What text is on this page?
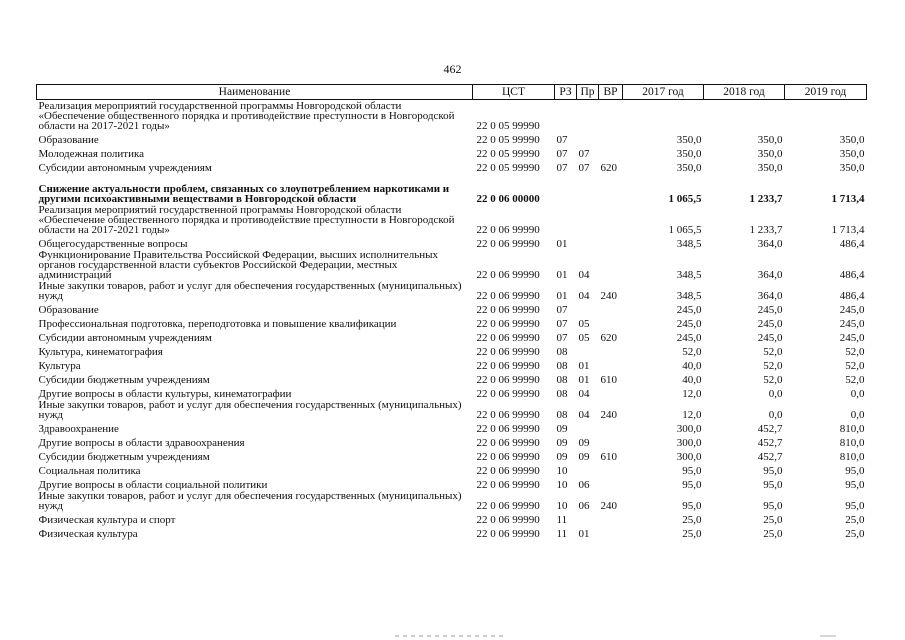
462
Наименование	ЦСТ	РЗ	Пр	ВР	2017 год	2018 год	2019 год
Реализация мероприятий государственной программы Новгородской области «Обеспечение общественного порядка и противодействие преступности в Новгородской области на 2017-2021 годы»	22 0 05 99990						
Образование	22 0 05 99990	07			350,0	350,0	350,0
Молодежная политика	22 0 05 99990	07	07		350,0	350,0	350,0
Субсидии автономным учреждениям	22 0 05 99990	07	07	620	350,0	350,0	350,0
Снижение актуальности проблем, связанных со злоупотреблением наркотиками и другими психоактивными веществами в Новгородской области	22 0 06 00000				1 065,5	1 233,7	1 713,4
Реализация мероприятий государственной программы Новгородской области «Обеспечение общественного порядка и противодействие преступности в Новгородской области на 2017-2021 годы»	22 0 06 99990				1 065,5	1 233,7	1 713,4
Общегосударственные вопросы	22 0 06 99990	01			348,5	364,0	486,4
Функционирование Правительства Российской Федерации, высших исполнительных органов государственной власти субъектов Российской Федерации, местных администраций	22 0 06 99990	01	04		348,5	364,0	486,4
Иные закупки товаров, работ и услуг для обеспечения государственных (муниципальных) нужд	22 0 06 99990	01	04	240	348,5	364,0	486,4
Образование	22 0 06 99990	07			245,0	245,0	245,0
Профессиональная подготовка, переподготовка и повышение квалификации	22 0 06 99990	07	05		245,0	245,0	245,0
Субсидии автономным учреждениям	22 0 06 99990	07	05	620	245,0	245,0	245,0
Культура, кинематография	22 0 06 99990	08			52,0	52,0	52,0
Культура	22 0 06 99990	08	01		40,0	52,0	52,0
Субсидии бюджетным учреждениям	22 0 06 99990	08	01	610	40,0	52,0	52,0
Другие вопросы в области культуры, кинематографии	22 0 06 99990	08	04		12,0	0,0	0,0
Иные закупки товаров, работ и услуг для обеспечения государственных (муниципальных) нужд	22 0 06 99990	08	04	240	12,0	0,0	0,0
Здравоохранение	22 0 06 99990	09			300,0	452,7	810,0
Другие вопросы в области здравоохранения	22 0 06 99990	09	09		300,0	452,7	810,0
Субсидии бюджетным учреждениям	22 0 06 99990	09	09	610	300,0	452,7	810,0
Социальная политика	22 0 06 99990	10			95,0	95,0	95,0
Другие вопросы в области социальной политики	22 0 06 99990	10	06		95,0	95,0	95,0
Иные закупки товаров, работ и услуг для обеспечения государственных (муниципальных) нужд	22 0 06 99990	10	06	240	95,0	95,0	95,0
Физическая культура и спорт	22 0 06 99990	11			25,0	25,0	25,0
Физическая культура	22 0 06 99990	11	01		25,0	25,0	25,0
